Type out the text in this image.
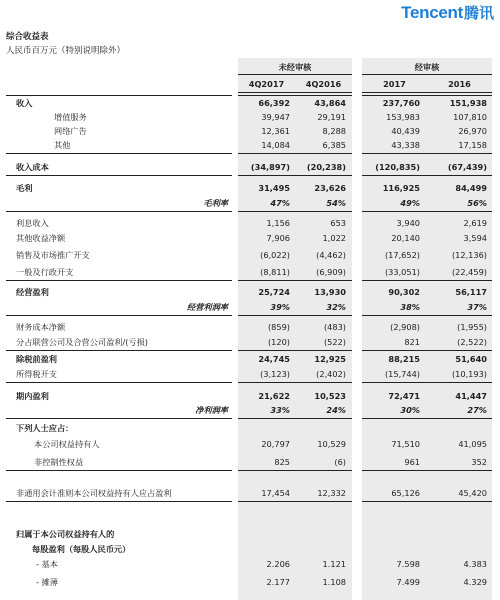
Tencent 腾讯
综合收益表
人民币百万元（特别说明除外）
未经审核	经审核
4Q2017	4Q2016	2017	2016
收入	66,392	43,864	237,760	151,938
增值服务	39,947	29,191	153,983	107,810
网络广告	12,361	8,288	40,439	26,970
其他	14,084	6,385	43,338	17,158
收入成本	(34,897)	(20,238)	(120,835)	(67,439)
毛利	31,495	23,626	116,925	84,499
毛利率	47%	54%	49%	56%
利息收入	1,156	653	3,940	2,619
其他收益净额	7,906	1,022	20,140	3,594
销售及市场推广开支	(6,022)	(4,462)	(17,652)	(12,136)
一般及行政开支	(8,811)	(6,909)	(33,051)	(22,459)
经营盈利	25,724	13,930	90,302	56,117
经营利润率	39%	32%	38%	37%
财务成本净额	(859)	(483)	(2,908)	(1,955)
分占联营公司及合营公司盈利/(亏损)	(120)	(522)	821	(2,522)
除税前盈利	24,745	12,925	88,215	51,640
所得税开支	(3,123)	(2,402)	(15,744)	(10,193)
期内盈利	21,622	10,523	72,471	41,447
净利润率	33%	24%	30%	27%
下列人士应占：
本公司权益持有人	20,797	10,529	71,510	41,095
非控制性权益	825	(6)	961	352
非通用会计准则本公司权益持有人应占盈利	17,454	12,332	65,126	45,420
归属于本公司权益持有人的
每股盈利（每股人民币元）
- 基本	2.206	1.121	7.598	4.383
- 摊薄	2.177	1.108	7.499	4.329
